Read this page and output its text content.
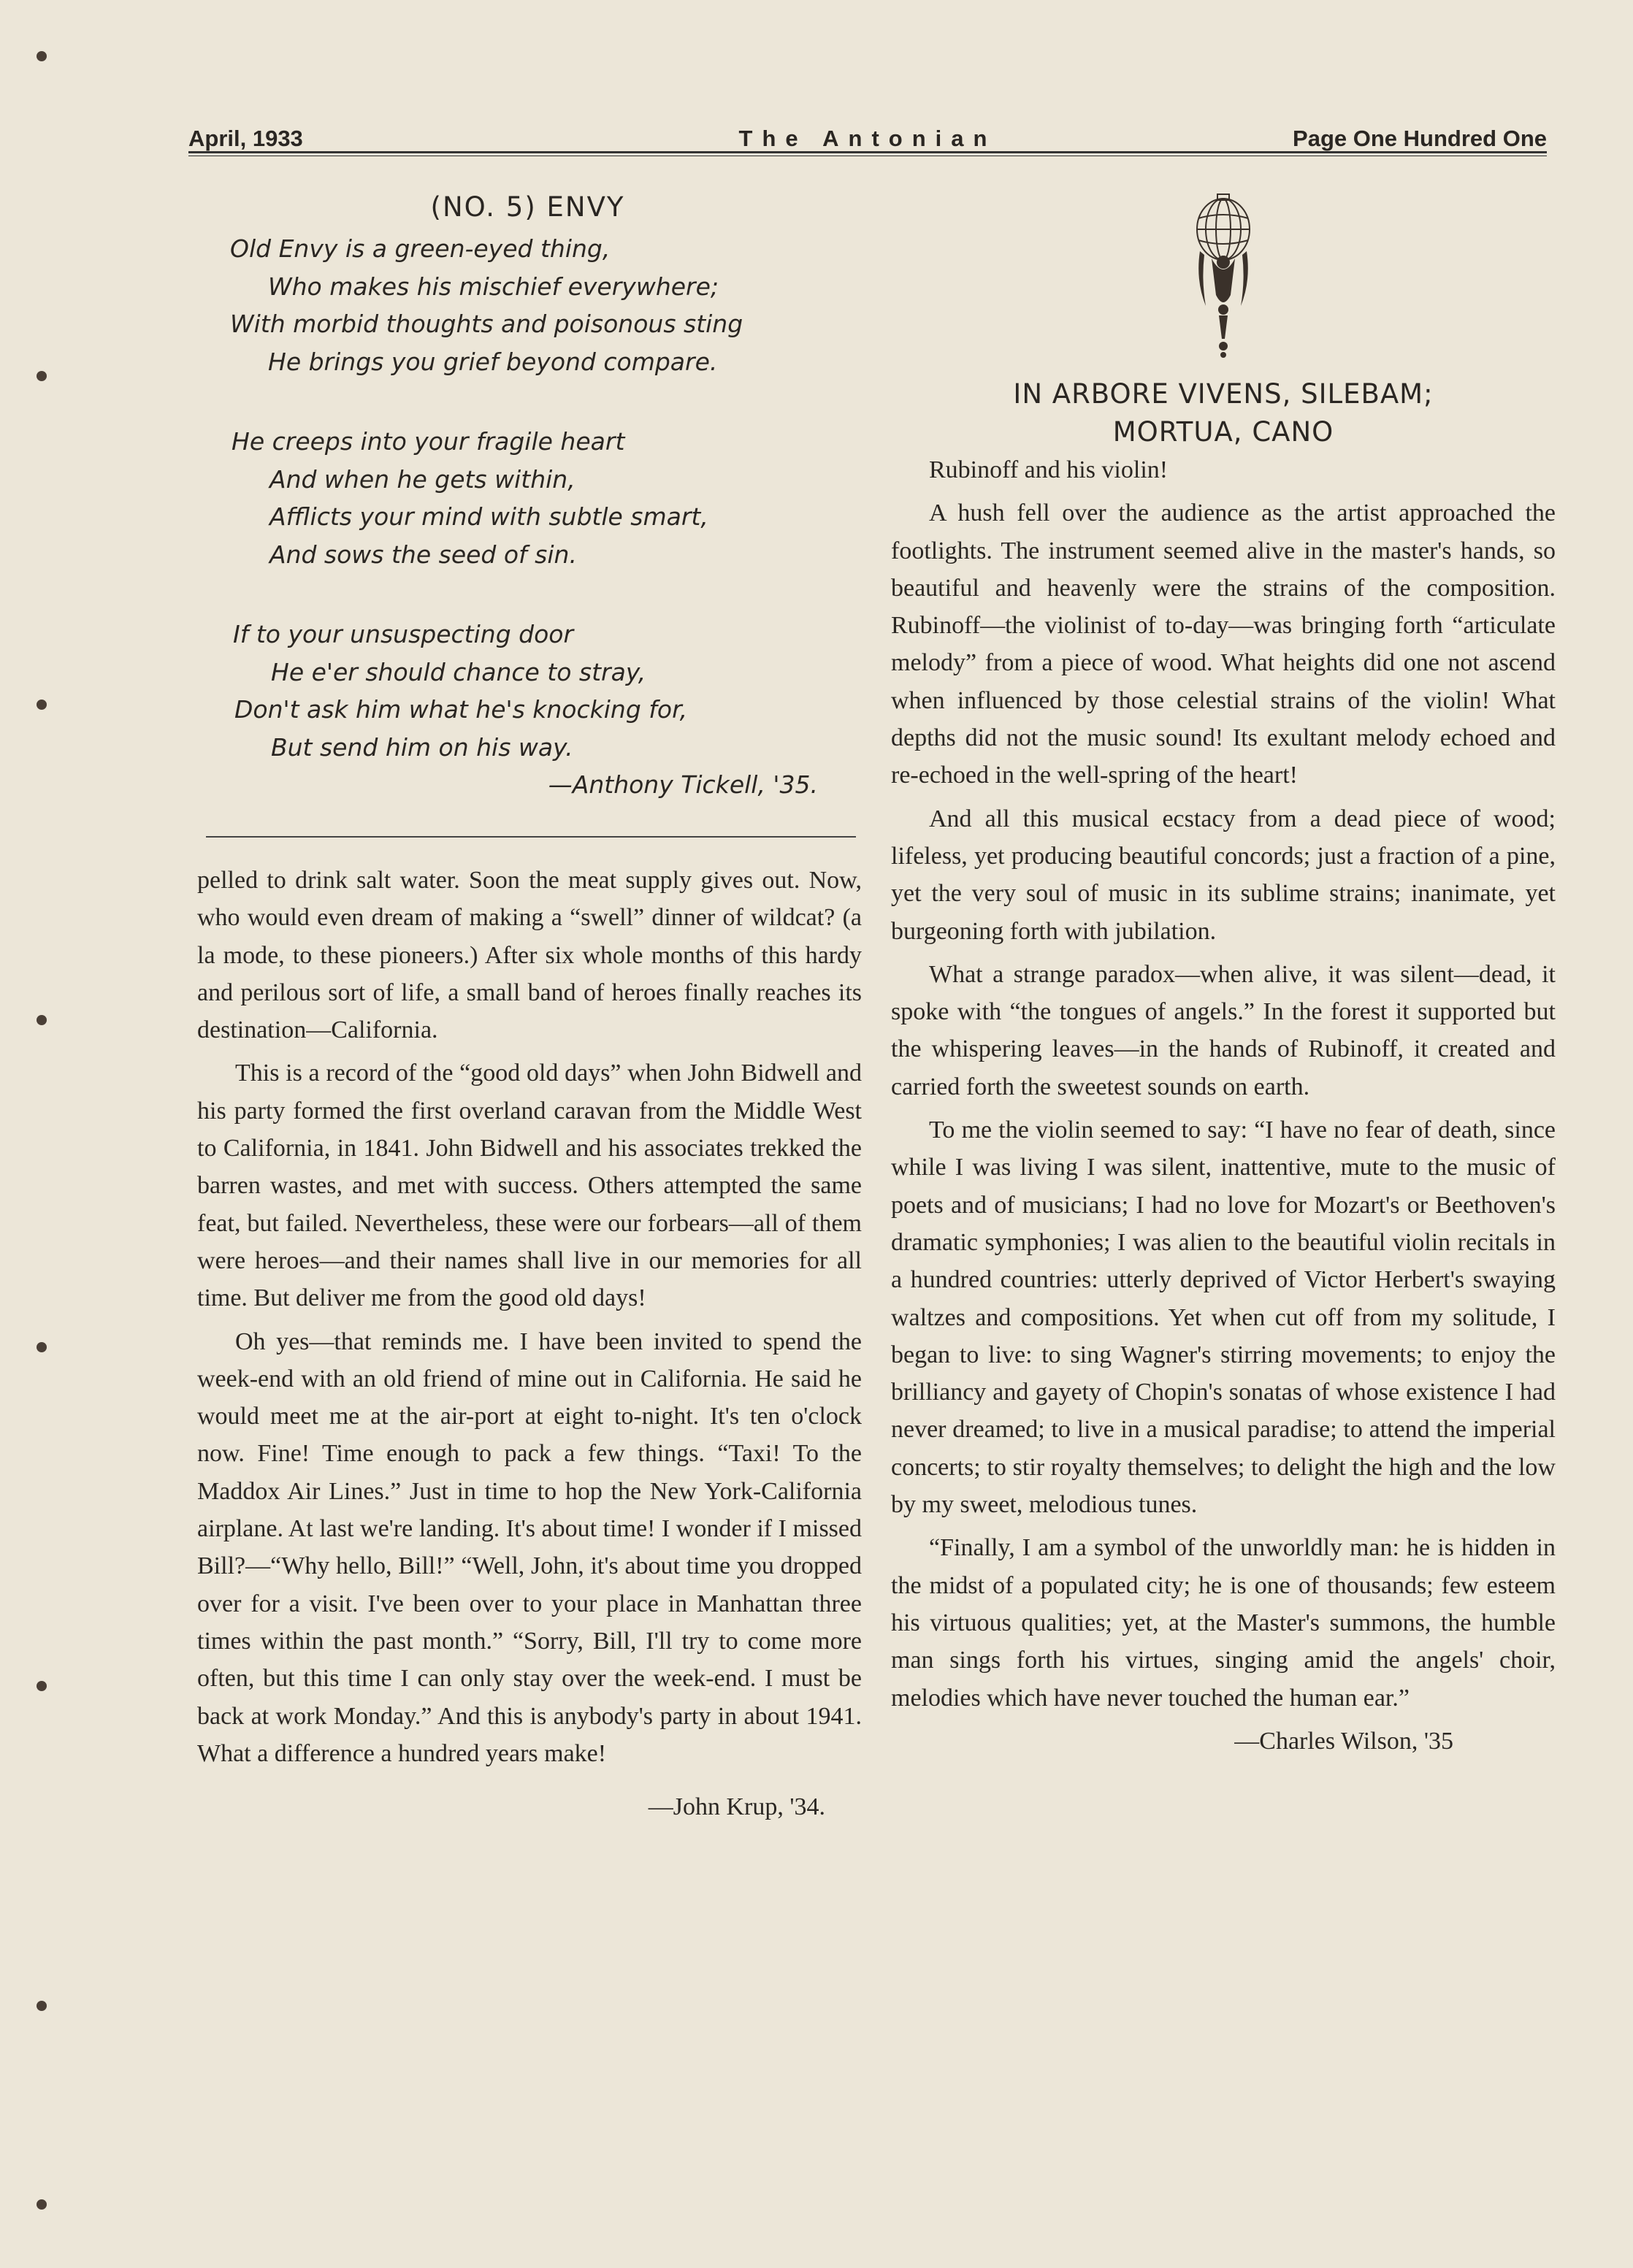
April, 1933	The Antonian	Page One Hundred One
(NO. 5) ENVY
Old Envy is a green-eyed thing,
Who makes his mischief everywhere;
With morbid thoughts and poisonous sting
He brings you grief beyond compare.
He creeps into your fragile heart
And when he gets within,
Afflicts your mind with subtle smart,
And sows the seed of sin.
If to your unsuspecting door
He e'er should chance to stray,
Don't ask him what he's knocking for,
But send him on his way.
—Anthony Tickell, '35.

pelled to drink salt water. Soon the meat supply gives out. Now, who would even dream of making a “swell” dinner of wildcat? (a la mode, to these pioneers.) After six whole months of this hardy and perilous sort of life, a small band of heroes finally reaches its destination—California.

This is a record of the “good old days” when John Bidwell and his party formed the first overland caravan from the Middle West to California, in 1841. John Bidwell and his associates trekked the barren wastes, and met with success. Others attempted the same feat, but failed. Nevertheless, these were our forbears—all of them were heroes—and their names shall live in our memories for all time. But deliver me from the good old days!

Oh yes—that reminds me. I have been invited to spend the week-end with an old friend of mine out in California. He said he would meet me at the air-port at eight to-night. It's ten o'clock now. Fine! Time enough to pack a few things. “Taxi! To the Maddox Air Lines.” Just in time to hop the New York-California airplane. At last we're landing. It's about time! I wonder if I missed Bill?—“Why hello, Bill!” “Well, John, it's about time you dropped over for a visit. I've been over to your place in Manhattan three times within the past month.” “Sorry, Bill, I'll try to come more often, but this time I can only stay over the week-end. I must be back at work Monday.” And this is anybody's party in about 1941. What a difference a hundred years make!

—John Krup, '34.
IN ARBORE VIVENS, SILEBAM;
MORTUA, CANO

Rubinoff and his violin!

A hush fell over the audience as the artist approached the footlights. The instrument seemed alive in the master's hands, so beautiful and heavenly were the strains of the composition. Rubinoff—the violinist of to-day—was bringing forth “articulate melody” from a piece of wood. What heights did one not ascend when influenced by those celestial strains of the violin! What depths did not the music sound! Its exultant melody echoed and re-echoed in the well-spring of the heart!

And all this musical ecstacy from a dead piece of wood; lifeless, yet producing beautiful concords; just a fraction of a pine, yet the very soul of music in its sublime strains; inanimate, yet burgeoning forth with jubilation.

What a strange paradox—when alive, it was silent—dead, it spoke with “the tongues of angels.” In the forest it supported but the whispering leaves—in the hands of Rubinoff, it created and carried forth the sweetest sounds on earth.

To me the violin seemed to say: “I have no fear of death, since while I was living I was silent, inattentive, mute to the music of poets and of musicians; I had no love for Mozart's or Beethoven's dramatic symphonies; I was alien to the beautiful violin recitals in a hundred countries: utterly deprived of Victor Herbert's swaying waltzes and compositions. Yet when cut off from my solitude, I began to live: to sing Wagner's stirring movements; to enjoy the brilliancy and gayety of Chopin's sonatas of whose existence I had never dreamed; to live in a musical paradise; to attend the imperial concerts; to stir royalty themselves; to delight the high and the low by my sweet, melodious tunes.

“Finally, I am a symbol of the unworldly man: he is hidden in the midst of a populated city; he is one of thousands; few esteem his virtuous qualities; yet, at the Master's summons, the humble man sings forth his virtues, singing amid the angels' choir, melodies which have never touched the human ear.”

—Charles Wilson, '35
